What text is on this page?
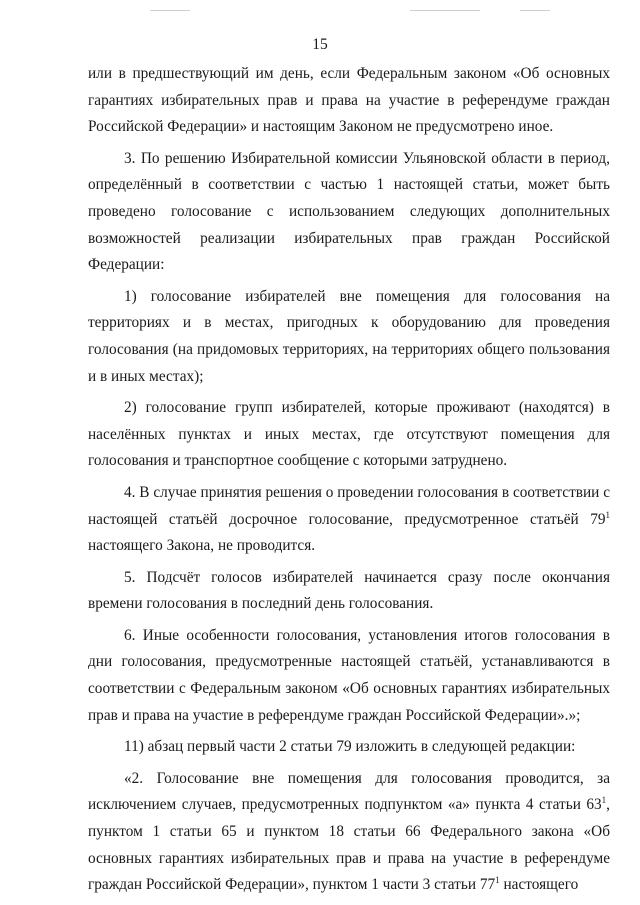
15

или в предшествующий им день, если Федеральным законом «Об основных гарантиях избирательных прав и права на участие в референдуме граждан Российской Федерации» и настоящим Законом не предусмотрено иное.

3. По решению Избирательной комиссии Ульяновской области в период, определённый в соответствии с частью 1 настоящей статьи, может быть проведено голосование с использованием следующих дополнительных возможностей реализации избирательных прав граждан Российской Федерации:

1) голосование избирателей вне помещения для голосования на территориях и в местах, пригодных к оборудованию для проведения голосования (на придомовых территориях, на территориях общего пользования и в иных местах);

2) голосование групп избирателей, которые проживают (находятся) в населённых пунктах и иных местах, где отсутствуют помещения для голосования и транспортное сообщение с которыми затруднено.

4. В случае принятия решения о проведении голосования в соответствии с настоящей статьёй досрочное голосование, предусмотренное статьёй $79^1$ настоящего Закона, не проводится.

5. Подсчёт голосов избирателей начинается сразу после окончания времени голосования в последний день голосования.

6. Иные особенности голосования, установления итогов голосования в дни голосования, предусмотренные настоящей статьёй, устанавливаются в соответствии с Федеральным законом «Об основных гарантиях избирательных прав и права на участие в референдуме граждан Российской Федерации».»;

11) абзац первый части 2 статьи 79 изложить в следующей редакции:

«2. Голосование вне помещения для голосования проводится, за исключением случаев, предусмотренных подпунктом «а» пункта 4 статьи $63^1$, пунктом 1 статьи 65 и пунктом 18 статьи 66 Федерального закона «Об основных гарантиях избирательных прав и права на участие в референдуме граждан Российской Федерации», пунктом 1 части 3 статьи $77^1$ настоящего
